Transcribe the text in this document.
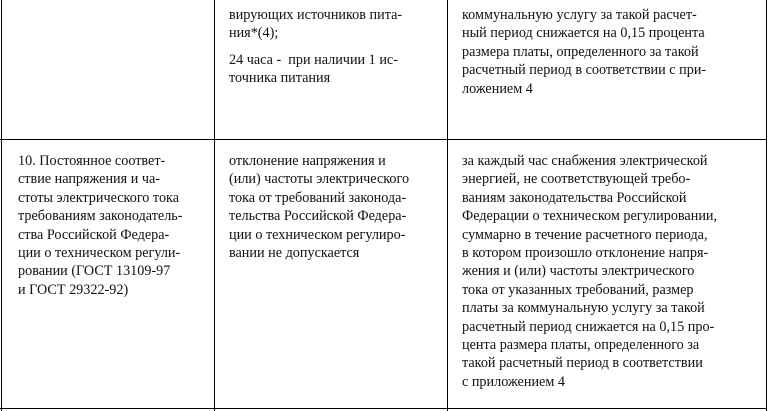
вирующих источников пита-
ния*(4);

24 часа -  при наличии 1 ис-
точника питания

коммунальную услугу за такой расчет-
ный период снижается на 0,15 процента
размера платы, определенного за такой
расчетный период в соответствии с при-
ложением 4
10. Постоянное соответ-
ствие напряжения и ча-
стоты электрического тока
требованиям законодатель-
ства Российской Федера-
ции о техническом регули-
ровании (ГОСТ 13109-97
и ГОСТ 29322-92)
отклонение напряжения и
(или) частоты электрического
тока от требований законода-
тельства Российской Федера-
ции о техническом регулиро-
вании не допускается
за каждый час снабжения электрической
энергией, не соответствующей требо-
ваниям законодательства Российской
Федерации о техническом регулировании,
суммарно в течение расчетного периода,
в котором произошло отклонение напря-
жения и (или) частоты электрического
тока от указанных требований, размер
платы за коммунальную услугу за такой
расчетный период снижается на 0,15 про-
цента размера платы, определенного за
такой расчетный период в соответствии
с приложением 4
